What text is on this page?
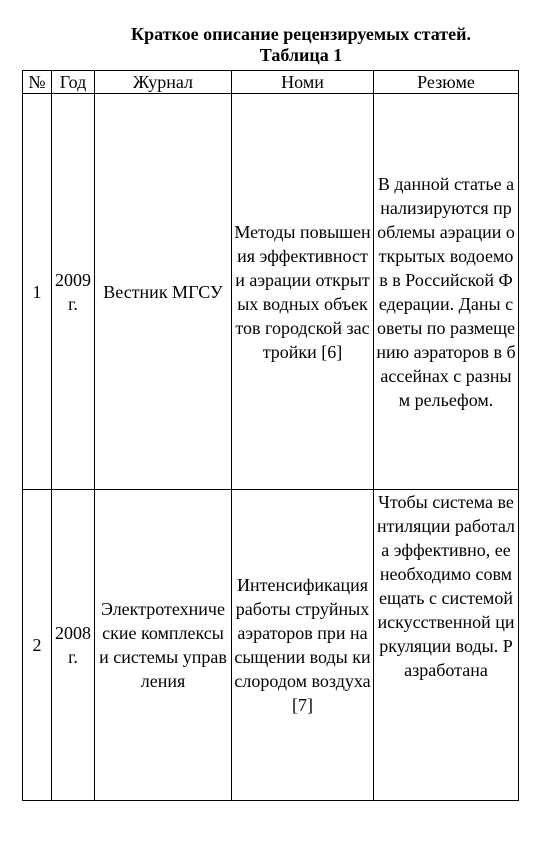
Краткое описание рецензируемых статей.
Таблица 1
№	Год	Журнал	Номи	Резюме
1	2009 г.	Вестник МГСУ	Методы повышения эффективности аэрации открытых водных объектов городской застройки [6]	В данной статье анализируются проблемы аэрации открытых водоемов в Российской Федерации. Даны советы по размещению аэраторов в бассейнах с разным рельефом.
2	2008 г.	Электротехнические комплексы и системы управления	Интенсификация работы струйных аэраторов при насыщении воды кислородом воздуха [7]	Чтобы система вентиляции работала эффективно, ее необходимо совмещать с системой искусственной циркуляции воды. Разработана
